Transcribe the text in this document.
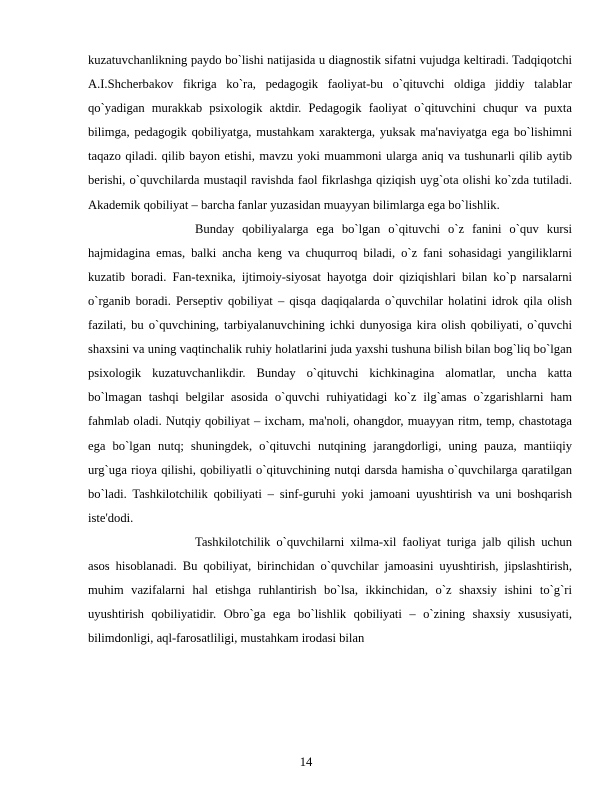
kuzatuvchanlikning paydo bo`lishi natijasida u diagnostik sifatni vujudga keltiradi. Tadqiqotchi A.I.Shcherbakov fikriga ko`ra, pedagogik faoliyat-bu o`qituvchi oldiga jiddiy talablar qo`yadigan murakkab psixologik aktdir. Pedagogik faoliyat o`qituvchini chuqur va puxta bilimga, pedagogik qobiliyatga, mustahkam xarakterga, yuksak ma'naviyatga ega bo`lishimni taqazo qiladi. qilib bayon etishi, mavzu yoki muammoni ularga aniq va tushunarli qilib aytib berishi, o`quvchilarda mustaqil ravishda faol fikrlashga qiziqish uyg`ota olishi ko`zda tutiladi. Akademik qobiliyat – barcha fanlar yuzasidan muayyan bilimlarga ega bo`lishlik.

Bunday qobiliyalarga ega bo`lgan o`qituvchi o`z fanini o`quv kursi hajmidagina emas, balki ancha keng va chuqurroq biladi, o`z fani sohasidagi yangiliklarni kuzatib boradi. Fan-texnika, ijtimoiy-siyosat hayotga doir qiziqishlari bilan ko`p narsalarni o`rganib boradi. Perseptiv qobiliyat – qisqa daqiqalarda o`quvchilar holatini idrok qila olish fazilati, bu o`quvchining, tarbiyalanuvchining ichki dunyosiga kira olish qobiliyati, o`quvchi shaxsini va uning vaqtinchalik ruhiy holatlarini juda yaxshi tushuna bilish bilan bog`liq bo`lgan psixologik kuzatuvchanlikdir. Bunday o`qituvchi kichkinagina alomatlar, uncha katta bo`lmagan tashqi belgilar asosida o`quvchi ruhiyatidagi ko`z ilg`amas o`zgarishlarni ham fahmlab oladi. Nutqiy qobiliyat – ixcham, ma'noli, ohangdor, muayyan ritm, temp, chastotaga ega bo`lgan nutq; shuningdek, o`qituvchi nutqining jarangdorligi, uning pauza, mantiiqiy urg`uga rioya qilishi, qobiliyatli o`qituvchining nutqi darsda hamisha o`quvchilarga qaratilgan bo`ladi. Tashkilotchilik qobiliyati – sinf-guruhi yoki jamoani uyushtirish va uni boshqarish iste'dodi.

Tashkilotchilik o`quvchilarni xilma-xil faoliyat turiga jalb qilish uchun asos hisoblanadi. Bu qobiliyat, birinchidan o`quvchilar jamoasini uyushtirish, jipslashtirish, muhim vazifalarni hal etishga ruhlantirish bo`lsa, ikkinchidan, o`z shaxsiy ishini to`g`ri uyushtirish qobiliyatidir. Obro`ga ega bo`lishlik qobiliyati – o`zining shaxsiy xususiyati, bilimdonligi, aql-farosatliligi, mustahkam irodasi bilan

14
